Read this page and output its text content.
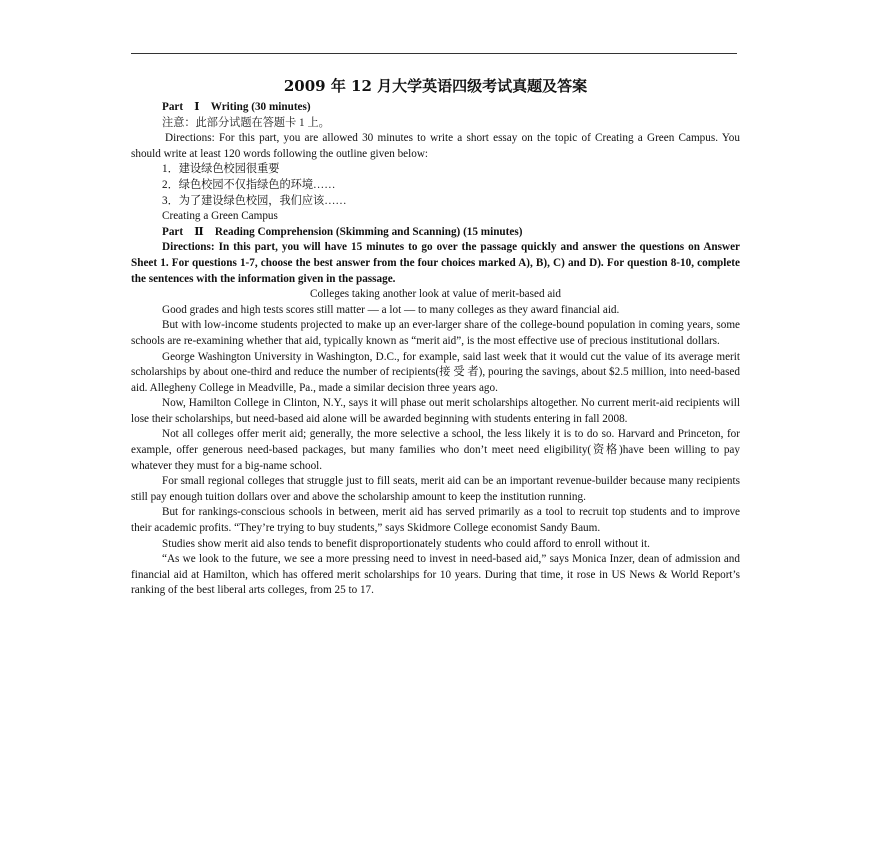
2009 年 12 月大学英语四级考试真题及答案

Part　Ⅰ　Writing (30 minutes)

注意：此部分试题在答题卡 1 上。

Directions: For this part, you are allowed 30 minutes to write a short essay on the topic of Creating a Green Campus. You should write at least 120 words following the outline given below:

1．建设绿色校园很重要

2．绿色校园不仅指绿色的环境……

3．为了建设绿色校园，我们应该……

Creating a Green Campus

Part　Ⅱ　Reading Comprehension (Skimming and Scanning) (15 minutes)

Directions: In this part, you will have 15 minutes to go over the passage quickly and answer the questions on Answer Sheet 1. For questions 1-7, choose the best answer from the four choices marked A), B), C) and D). For question 8-10, complete the sentences with the information given in the passage.

Colleges taking another look at value of merit-based aid

Good grades and high tests scores still matter — a lot — to many colleges as they award financial aid.

But with low-income students projected to make up an ever-larger share of the college-bound population in coming years, some schools are re-examining whether that aid, typically known as “merit aid”, is the most effective use of precious institutional dollars.

George Washington University in Washington, D.C., for example, said last week that it would cut the value of its average merit scholarships by about one-third and reduce the number of recipients(接 受 者), pouring the savings, about $2.5 million, into need-based aid. Allegheny College in Meadville, Pa., made a similar decision three years ago.

Now, Hamilton College in Clinton, N.Y., says it will phase out merit scholarships altogether. No current merit-aid recipients will lose their scholarships, but need-based aid alone will be awarded beginning with students entering in fall 2008.

Not all colleges offer merit aid; generally, the more selective a school, the less likely it is to do so. Harvard and Princeton, for example, offer generous need-based packages, but many families who don’t meet need eligibility(资格)have been willing to pay whatever they must for a big-name school.

For small regional colleges that struggle just to fill seats, merit aid can be an important revenue-builder because many recipients still pay enough tuition dollars over and above the scholarship amount to keep the institution running.

But for rankings-conscious schools in between, merit aid has served primarily as a tool to recruit top students and to improve their academic profits. “They’re trying to buy students,” says Skidmore College economist Sandy Baum.

Studies show merit aid also tends to benefit disproportionately students who could afford to enroll without it.

“As we look to the future, we see a more pressing need to invest in need-based aid,” says Monica Inzer, dean of admission and financial aid at Hamilton, which has offered merit scholarships for 10 years. During that time, it rose in US News & World Report’s ranking of the best liberal arts colleges, from 25 to 17.
